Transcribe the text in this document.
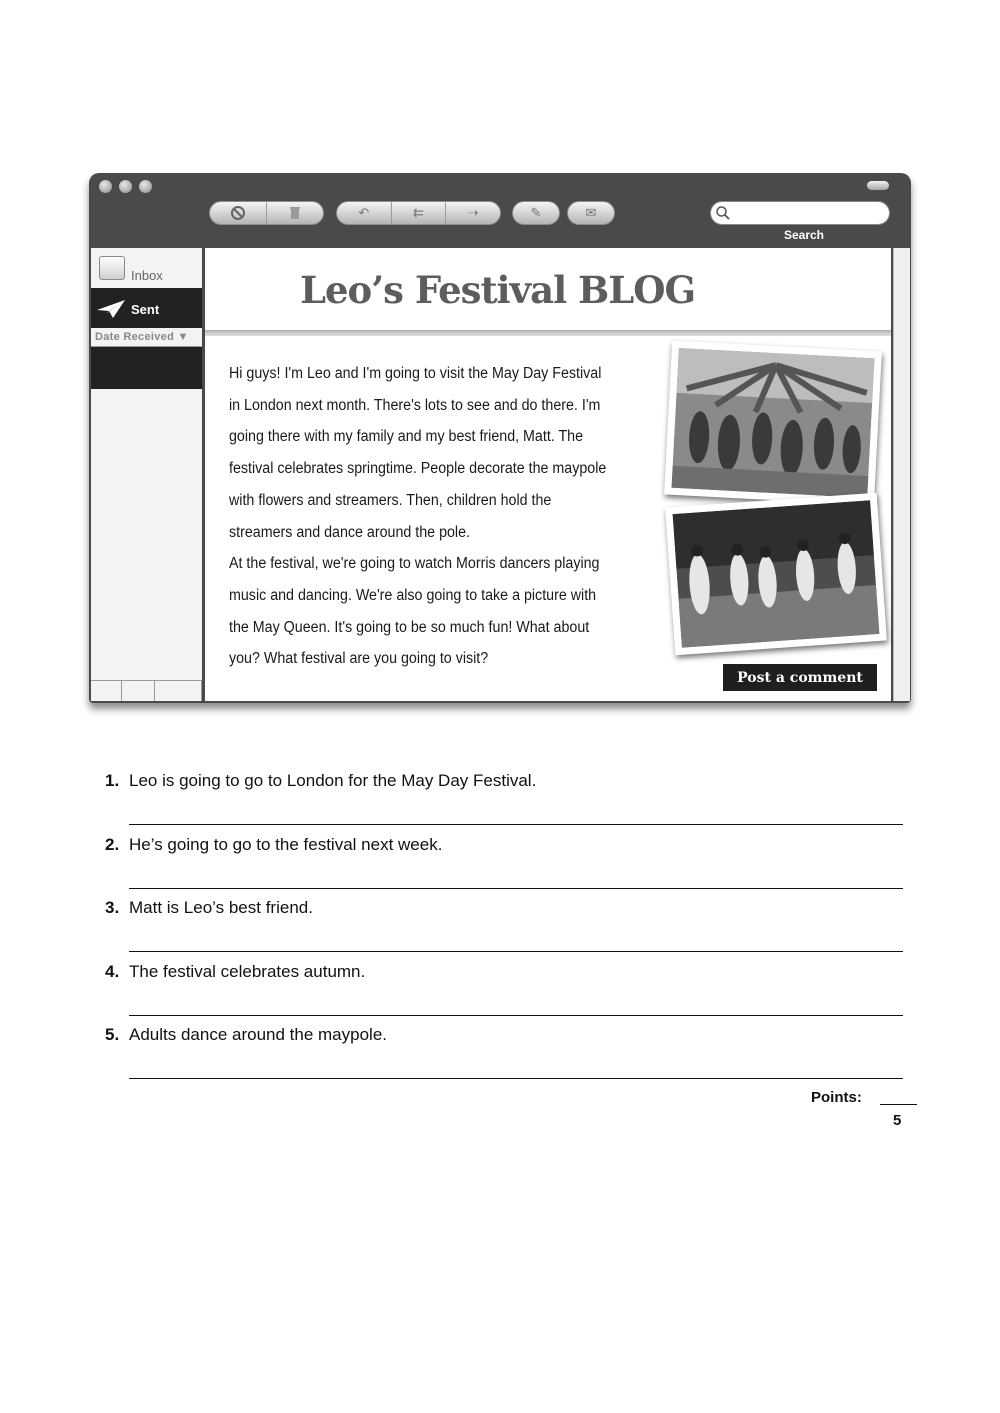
↶	⇇	➝	✎	✉
Search
Inbox
Sent
Date Received ▼
Leo’s Festival BLOG

Hi guys! I'm Leo and I'm going to visit the May Day Festival in London next month. There's lots to see and do there. I'm going there with my family and my best friend, Matt. The festival celebrates springtime. People decorate the maypole with flowers and streamers. Then, children hold the streamers and dance around the pole.

At the festival, we're going to watch Morris dancers playing music and dancing. We're also going to take a picture with the May Queen. It's going to be so much fun! What about you? What festival are you going to visit?

Post a comment
1. Leo is going to go to London for the May Day Festival.
2. He’s going to go to the festival next week.
3. Matt is Leo’s best friend.
4. The festival celebrates autumn.
5. Adults dance around the maypole.
Points:
5
